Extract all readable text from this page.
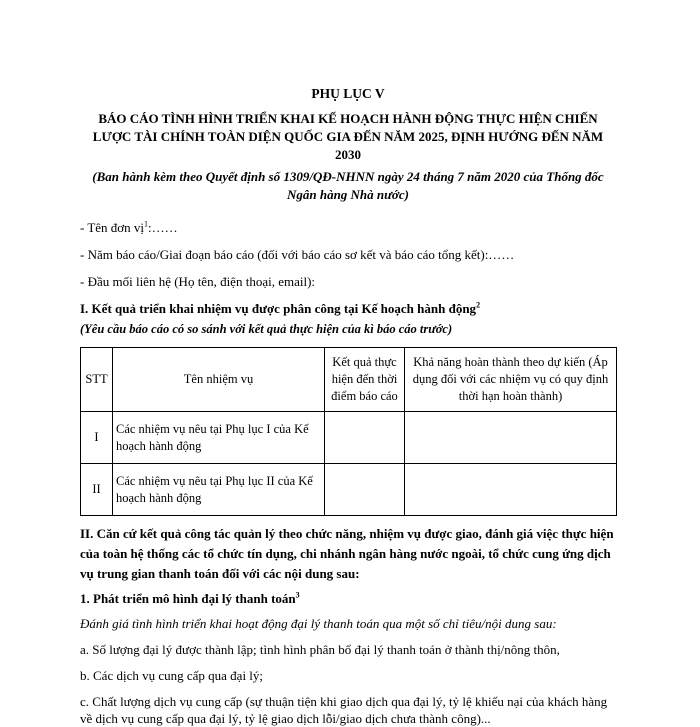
PHỤ LỤC V

BÁO CÁO TÌNH HÌNH TRIỂN KHAI KẾ HOẠCH HÀNH ĐỘNG THỰC HIỆN CHIẾN

LƯỢC TÀI CHÍNH TOÀN DIỆN QUỐC GIA ĐẾN NĂM 2025, ĐỊNH HƯỚNG ĐẾN NĂM

2030

(Ban hành kèm theo Quyết định số 1309/QĐ-NHNN ngày 24 tháng 7 năm 2020 của Thống đốc

Ngân hàng Nhà nước)

- Tên đơn vị$^1$:……

- Năm báo cáo/Giai đoạn báo cáo (đối với báo cáo sơ kết và báo cáo tổng kết):……

- Đầu mối liên hệ (Họ tên, điện thoại, email):

I. Kết quả triển khai nhiệm vụ được phân công tại Kế hoạch hành động$^2$

(Yêu cầu báo cáo có so sánh với kết quả thực hiện của kì báo cáo trước)

STT	Tên nhiệm vụ	Kết quả thực hiện đến thời điểm báo cáo	Khả năng hoàn thành theo dự kiến (Áp dụng đối với các nhiệm vụ có quy định thời hạn hoàn thành)
I	Các nhiệm vụ nêu tại Phụ lục I của Kế hoạch hành động		
II	Các nhiệm vụ nêu tại Phụ lục II của Kế hoạch hành động		

II. Căn cứ kết quả công tác quản lý theo chức năng, nhiệm vụ được giao, đánh giá việc thực hiện của toàn hệ thống các tổ chức tín dụng, chi nhánh ngân hàng nước ngoài, tổ chức cung ứng dịch vụ trung gian thanh toán đối với các nội dung sau:

1. Phát triển mô hình đại lý thanh toán$^3$

Đánh giá tình hình triển khai hoạt động đại lý thanh toán qua một số chỉ tiêu/nội dung sau:

a. Số lượng đại lý được thành lập; tình hình phân bổ đại lý thanh toán ở thành thị/nông thôn,

b. Các dịch vụ cung cấp qua đại lý;

c. Chất lượng dịch vụ cung cấp (sự thuận tiện khi giao dịch qua đại lý, tỷ lệ khiếu nại của khách hàng về dịch vụ cung cấp qua đại lý, tỷ lệ giao dịch lỗi/giao dịch chưa thành công)...
